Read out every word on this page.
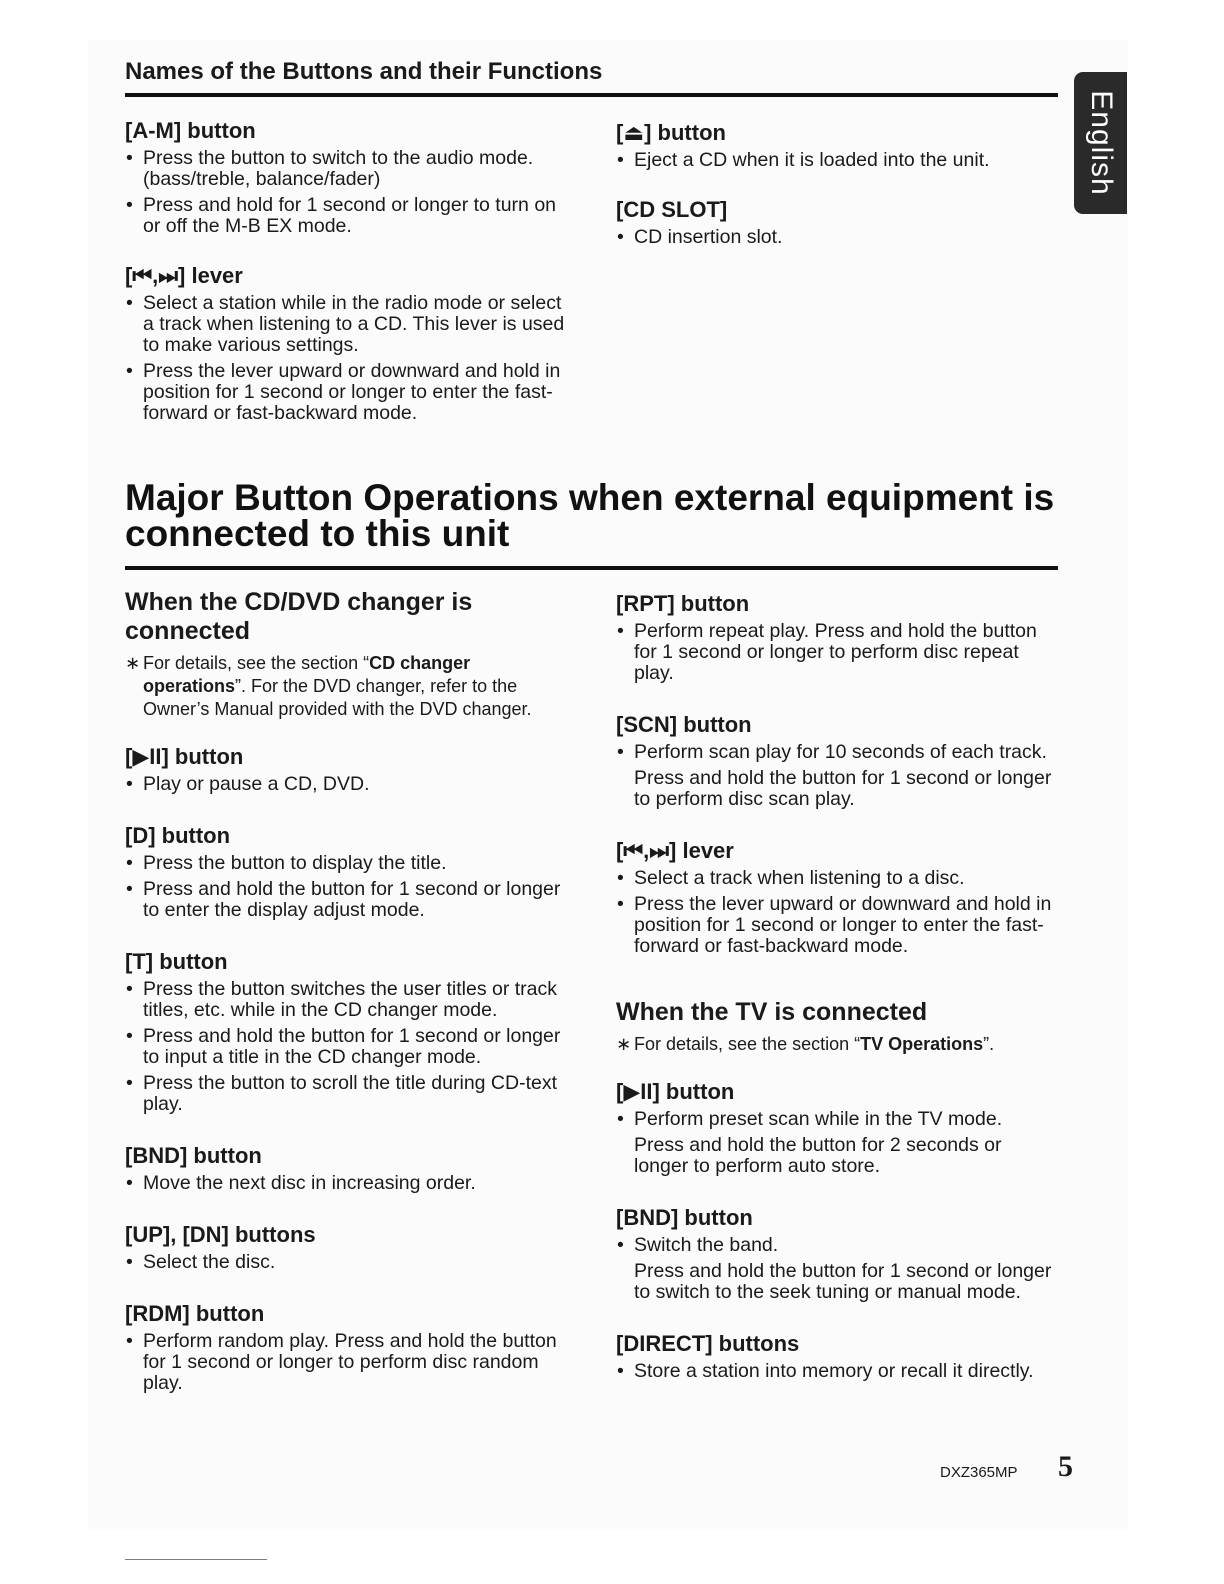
Names of the Buttons and their Functions
English
[A-M] button
• Press the button to switch to the audio mode. (bass/treble, balance/fader)
• Press and hold for 1 second or longer to turn on or off the M-B EX mode.
[⏮,⏭] lever
• Select a station while in the radio mode or select a track when listening to a CD. This lever is used to make various settings.
• Press the lever upward or downward and hold in position for 1 second or longer to enter the fast-forward or fast-backward mode.
[⏏] button
• Eject a CD when it is loaded into the unit.
[CD SLOT]
• CD insertion slot.
Major Button Operations when external equipment is connected to this unit
When the CD/DVD changer is connected

∗ For details, see the section “CD changer operations”. For the DVD changer, refer to the Owner’s Manual provided with the DVD changer.

[▶II] button
• Play or pause a CD, DVD.
[D] button
• Press the button to display the title.
• Press and hold the button for 1 second or longer to enter the display adjust mode.
[T] button
• Press the button switches the user titles or track titles, etc. while in the CD changer mode.
• Press and hold the button for 1 second or longer to input a title in the CD changer mode.
• Press the button to scroll the title during CD-text play.
[BND] button
• Move the next disc in increasing order.
[UP], [DN] buttons
• Select the disc.
[RDM] button
• Perform random play. Press and hold the button for 1 second or longer to perform disc random play.
[RPT] button
• Perform repeat play. Press and hold the button for 1 second or longer to perform disc repeat play.
[SCN] button
• Perform scan play for 10 seconds of each track.

Press and hold the button for 1 second or longer to perform disc scan play.

[⏮,⏭] lever
• Select a track when listening to a disc.
• Press the lever upward or downward and hold in position for 1 second or longer to enter the fast-forward or fast-backward mode.
When the TV is connected

∗ For details, see the section “TV Operations”.

[▶II] button
• Perform preset scan while in the TV mode.

Press and hold the button for 2 seconds or longer to perform auto store.

[BND] button
• Switch the band.

Press and hold the button for 1 second or longer to switch to the seek tuning or manual mode.

[DIRECT] buttons
• Store a station into memory or recall it directly.
DXZ365MP 5
